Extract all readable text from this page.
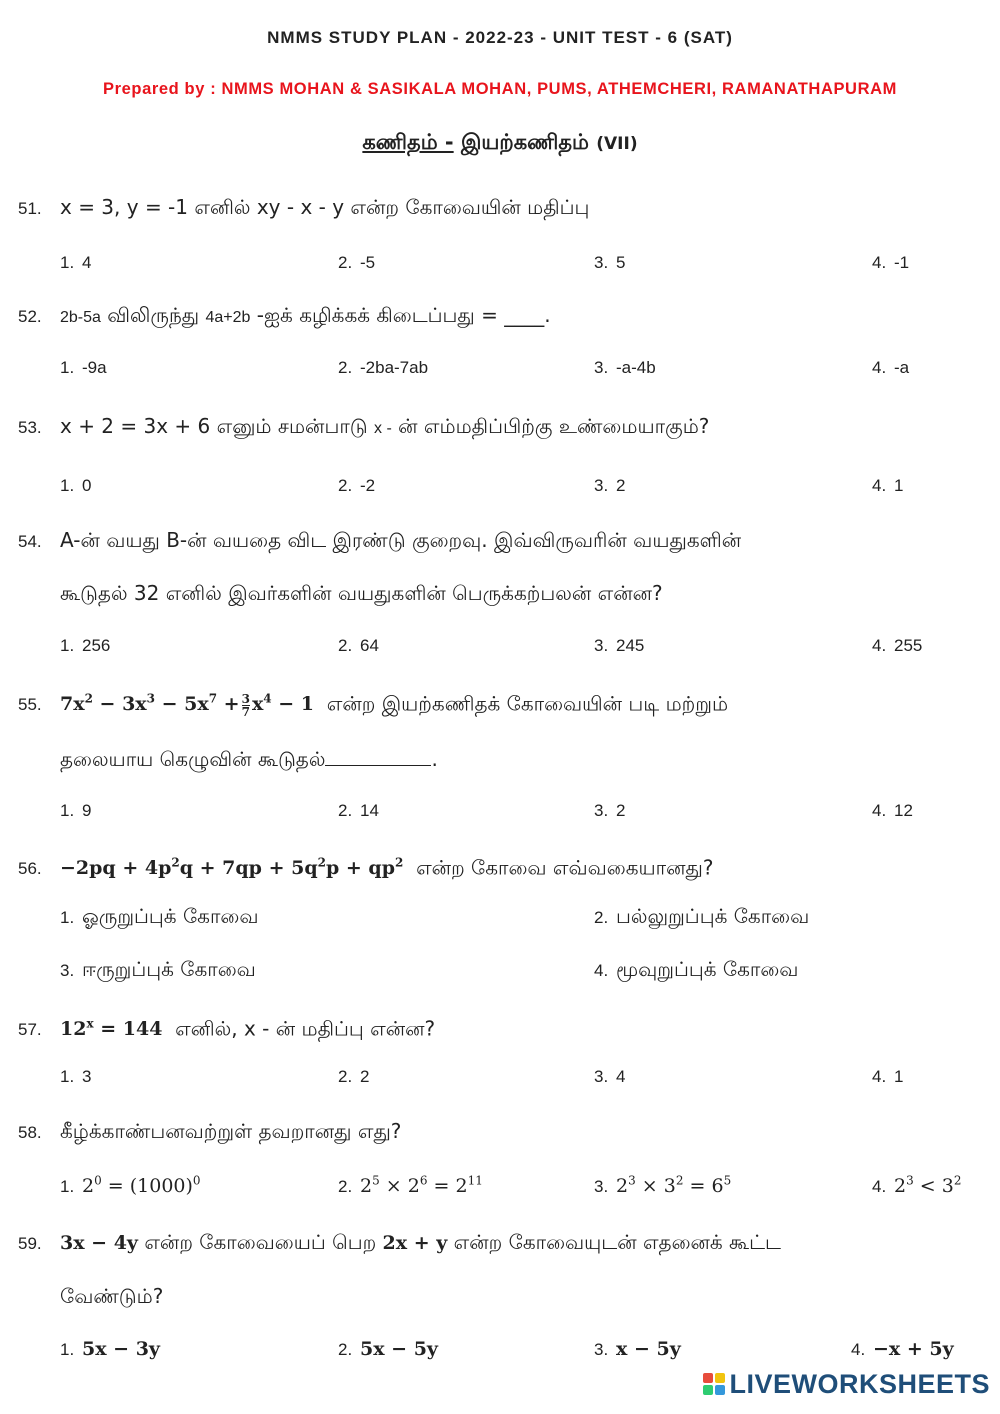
NMMS STUDY PLAN - 2022-23 - UNIT TEST - 6 (SAT)
Prepared by : NMMS MOHAN & SASIKALA MOHAN, PUMS, ATHEMCHERI, RAMANATHAPURAM
கணிதம் - இயற்கணிதம் (VII)
51. x = 3, y = -1 எனில் xy - x - y என்ற கோவையின் மதிப்பு
1. 4	2. -5	3. 5	4. -1
52. 2b-5a விலிருந்து 4a+2b -ஐக் கழிக்கக் கிடைப்பது = ____.
1. -9a	2. -2ba-7ab	3. -a-4b	4. -a
53. x + 2 = 3x + 6 எனும் சமன்பாடு x - ன் எம்மதிப்பிற்கு உண்மையாகும்?
1. 0	2. -2	3. 2	4. 1
54. A-ன் வயது B-ன் வயதை விட இரண்டு குறைவு. இவ்விருவரின் வயதுகளின்
கூடுதல் 32 எனில் இவர்களின் வயதுகளின் பெருக்கற்பலன் என்ன?
1. 256	2. 64	3. 245	4. 255
55. $7x^2 - 3x^3 - 5x^7 + \frac{3}{7} x^4 - 1$ என்ற இயற்கணிதக் கோவையின் படி மற்றும்
தலையாய கெழுவின் கூடுதல்	.
1. 9	2. 14	3. 2	4. 12
56. $-2pq + 4p^2q + 7qp + 5q^2p + qp^2$ என்ற கோவை எவ்வகையானது?
1. ஓருறுப்புக் கோவை	2. பல்லுறுப்புக் கோவை
3. ஈருறுப்புக் கோவை	4. மூவுறுப்புக் கோவை
57. $12^x = 144$ எனில், x - ன் மதிப்பு என்ன?
1. 3	2. 2	3. 4	4. 1
58. கீழ்க்காண்பனவற்றுள் தவறானது எது?
1. $2^0 = (1000)^0$	2. $2^5 \times 2^6 = 2^{11}$	3. $2^3 \times 3^2 = 6^5$	4. $2^3 < 3^2$
59. 3x − 4y என்ற கோவையைப் பெற 2x + y என்ற கோவையுடன் எதனைக் கூட்ட
வேண்டும்?
1. 5x − 3y	2. 5x − 5y	3. x − 5y	4. −x + 5y
LIVEWORKSHEETS
